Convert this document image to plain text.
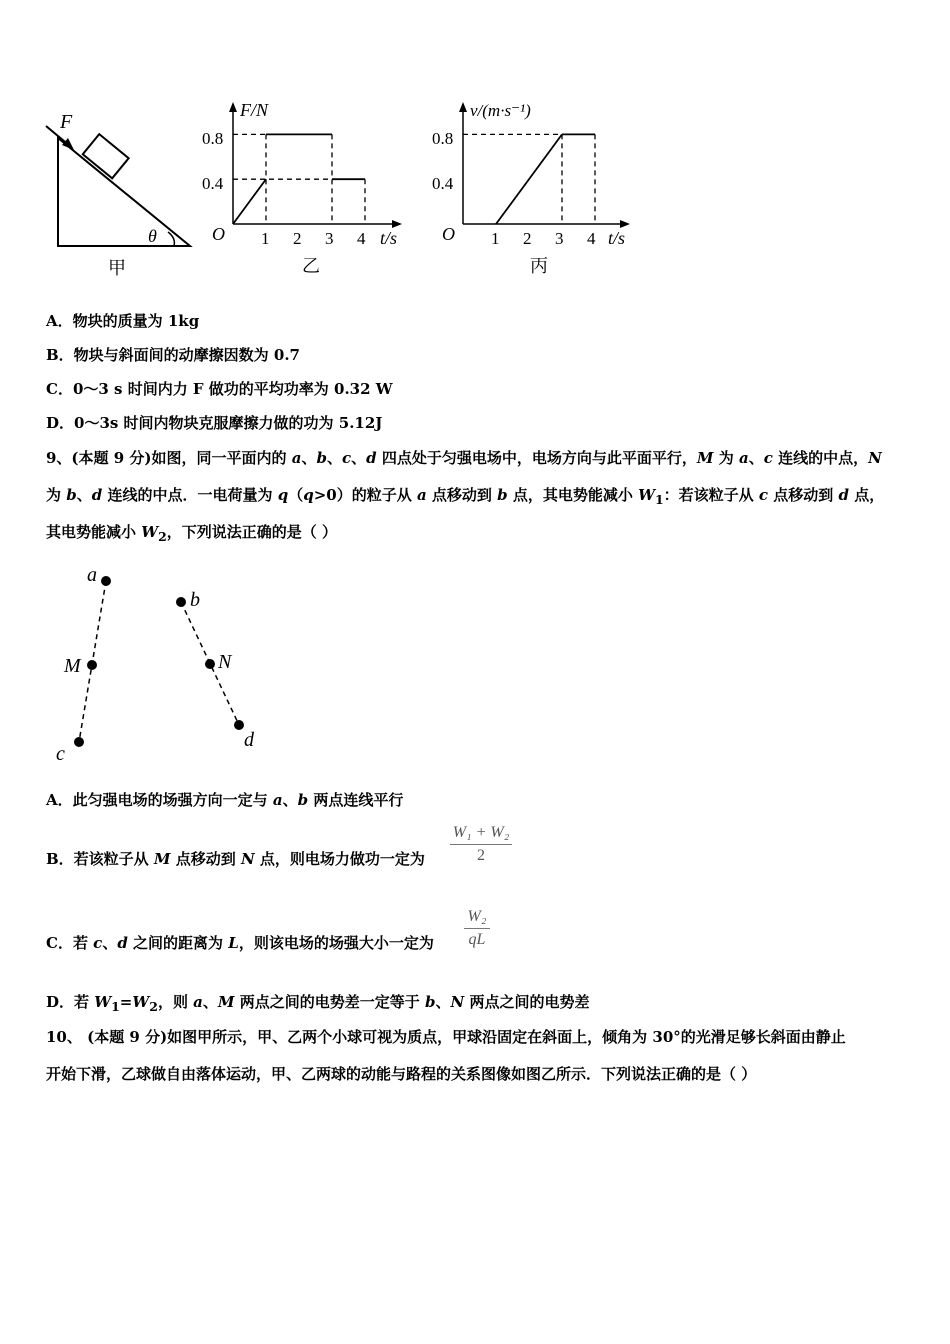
F
θ
甲
F/N
t/s
O
0.8
0.4
1 2 3 4
乙
v/(m·s⁻¹)
t/s
O
0.8
0.4
1 2 3 4
丙
A．物块的质量为 1kg
B．物块与斜面间的动摩擦因数为 0.7
C．0～3 s 时间内力 F 做功的平均功率为 0.32 W
D．0～3s 时间内物块克服摩擦力做的功为 5.12J
9、(本题 9 分)如图，同一平面内的 a、b、c、d 四点处于匀强电场中，电场方向与此平面平行，M 为 a、c 连线的中点，N
为 b、d 连线的中点．一电荷量为 q（q>0）的粒子从 a 点移动到 b 点，其电势能减小 $W_1$：若该粒子从 c 点移动到 d 点，
其电势能减小 $W_2$，下列说法正确的是（ ）
a
M
c
b
N
d
A．此匀强电场的场强方向一定与 a、b 两点连线平行
B．若该粒子从 M 点移动到 N 点，则电场力做功一定为
W₁ + W₂
2
C．若 c、d 之间的距离为 L，则该电场的场强大小一定为
W₂
qL
D．若 $W_1=W_2$，则 a、M 两点之间的电势差一定等于 b、N 两点之间的电势差
10、 (本题 9 分)如图甲所示，甲、乙两个小球可视为质点，甲球沿固定在斜面上，倾角为 30°的光滑足够长斜面由静止
开始下滑，乙球做自由落体运动，甲、乙两球的动能与路程的关系图像如图乙所示．下列说法正确的是（ ）
